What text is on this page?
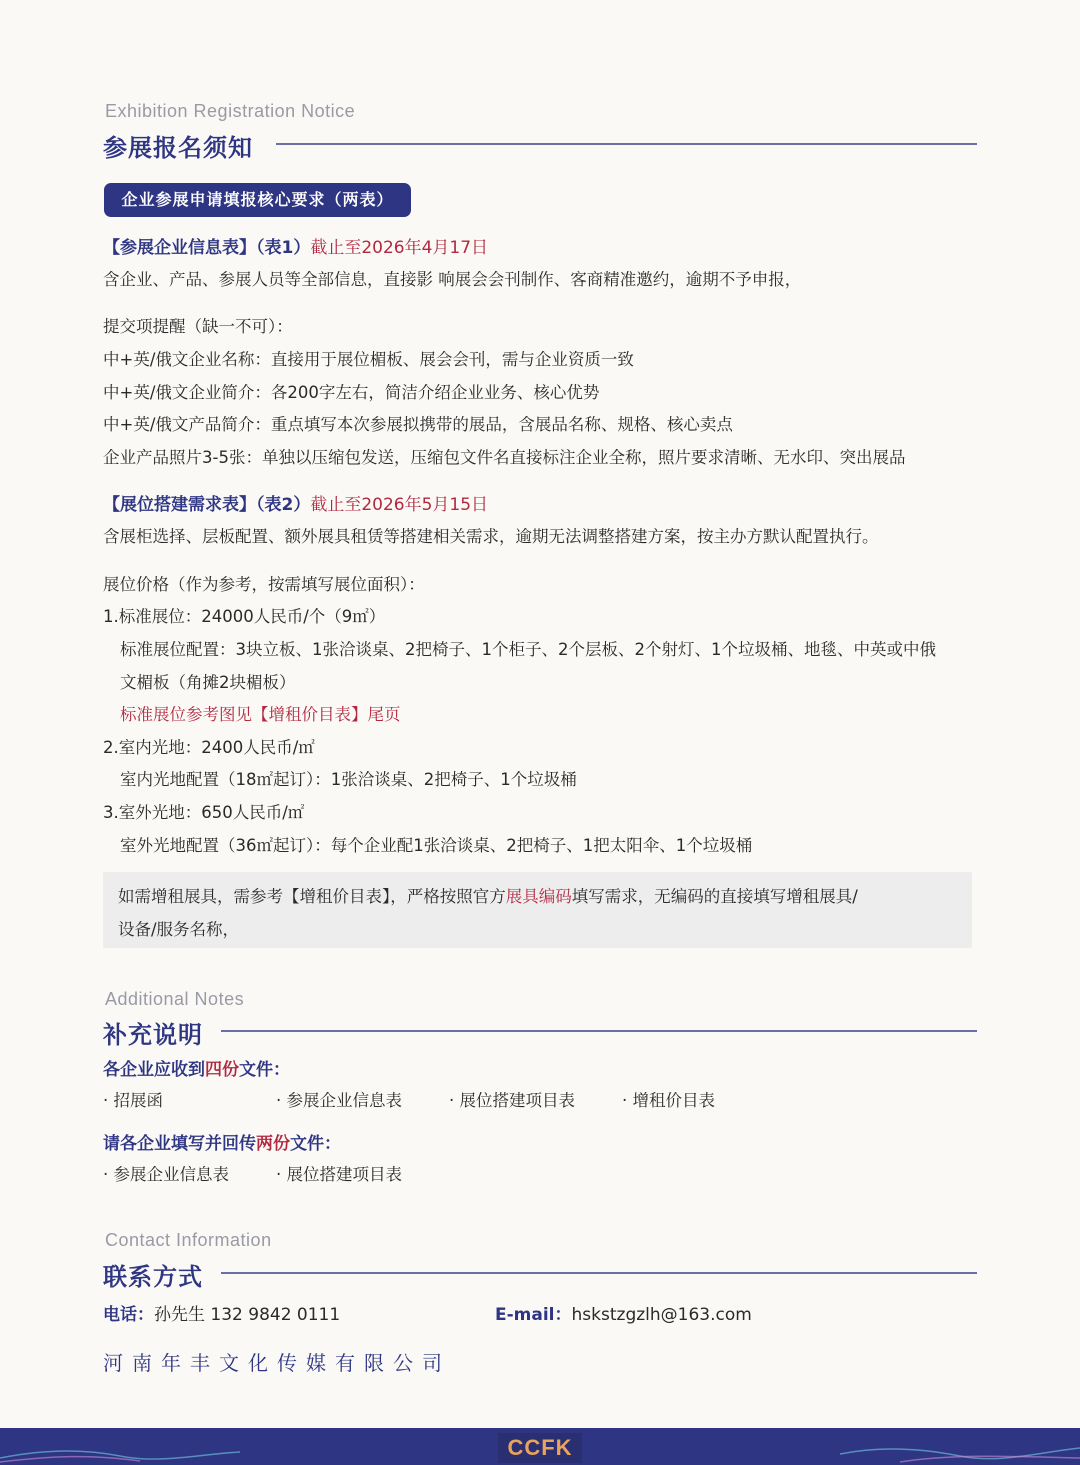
Exhibition Registration Notice
参展报名须知
企业参展申请填报核心要求（两表）
【参展企业信息表】（表1）截止至2026年4月17日
含企业、产品、参展人员等全部信息，直接影 响展会会刊制作、客商精准邀约，逾期不予申报，
提交项提醒（缺一不可）：
中+英/俄文企业名称：直接用于展位楣板、展会会刊，需与企业资质一致
中+英/俄文企业简介：各200字左右，简洁介绍企业业务、核心优势
中+英/俄文产品简介：重点填写本次参展拟携带的展品，含展品名称、规格、核心卖点
企业产品照片3-5张：单独以压缩包发送，压缩包文件名直接标注企业全称，照片要求清晰、无水印、突出展品
【展位搭建需求表】（表2）截止至2026年5月15日
含展柜选择、层板配置、额外展具租赁等搭建相关需求，逾期无法调整搭建方案，按主办方默认配置执行。
展位价格（作为参考，按需填写展位面积）：
1.标准展位：24000人民币/个（9㎡）
标准展位配置：3块立板、1张洽谈桌、2把椅子、1个柜子、2个层板、2个射灯、1个垃圾桶、地毯、中英或中俄
文楣板（角摊2块楣板）
标准展位参考图见【增租价目表】尾页
2.室内光地：2400人民币/㎡
室内光地配置（18㎡起订）：1张洽谈桌、2把椅子、1个垃圾桶
3.室外光地：650人民币/㎡
室外光地配置（36㎡起订）：每个企业配1张洽谈桌、2把椅子、1把太阳伞、1个垃圾桶
如需增租展具，需参考【增租价目表】，严格按照官方展具编码填写需求，无编码的直接填写增租展具/
设备/服务名称，
Additional Notes
补充说明
各企业应收到四份文件：
· 招展函	· 参展企业信息表	· 展位搭建项目表	· 增租价目表
请各企业填写并回传两份文件：
· 参展企业信息表	· 展位搭建项目表
Contact Information
联系方式
电话：孙先生 132 9842 0111	E-mail：hskstzgzlh@163.com
河南年丰文化传媒有限公司
CCFK
